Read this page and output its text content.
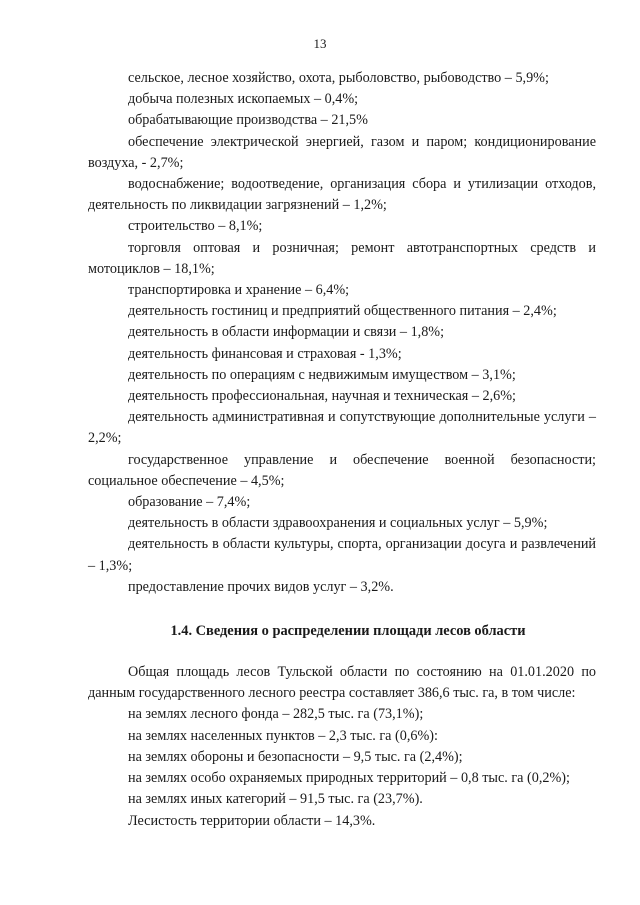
13

сельское, лесное хозяйство, охота, рыболовство, рыбоводство – 5,9%;

добыча полезных ископаемых – 0,4%;

обрабатывающие производства – 21,5%

обеспечение электрической энергией, газом и паром; кондиционирование воздуха, - 2,7%;

водоснабжение; водоотведение, организация сбора и утилизации отходов, деятельность по ликвидации загрязнений – 1,2%;

строительство – 8,1%;

торговля оптовая и розничная; ремонт автотранспортных средств и мотоциклов – 18,1%;

транспортировка и хранение – 6,4%;

деятельность гостиниц и предприятий общественного питания – 2,4%;

деятельность в области информации и связи – 1,8%;

деятельность финансовая и страховая - 1,3%;

деятельность по операциям с недвижимым имуществом – 3,1%;

деятельность профессиональная, научная и техническая – 2,6%;

деятельность административная и сопутствующие дополнительные услуги – 2,2%;

государственное управление и обеспечение военной безопасности; социальное обеспечение – 4,5%;

образование – 7,4%;

деятельность в области здравоохранения и социальных услуг – 5,9%;

деятельность в области культуры, спорта, организации досуга и развлечений – 1,3%;

предоставление прочих видов услуг – 3,2%.

1.4. Сведения о распределении площади лесов области

Общая площадь лесов Тульской области по состоянию на 01.01.2020 по данным государственного лесного реестра составляет 386,6 тыс. га, в том числе:

на землях лесного фонда – 282,5 тыс. га (73,1%);

на землях населенных пунктов – 2,3 тыс. га (0,6%):

на землях обороны и безопасности – 9,5 тыс. га (2,4%);

на землях особо охраняемых природных территорий – 0,8 тыс. га (0,2%);

на землях иных категорий – 91,5 тыс. га (23,7%).

Лесистость территории области – 14,3%.
